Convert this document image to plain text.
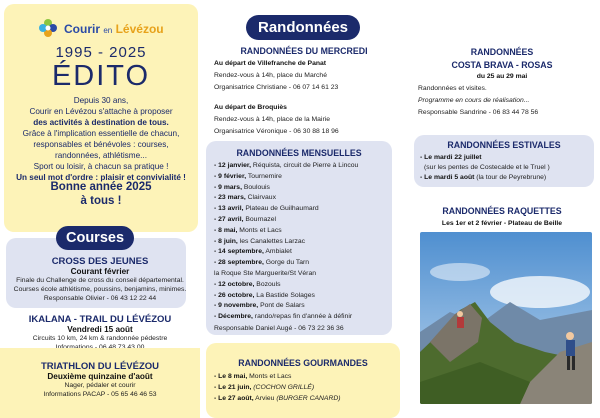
Courir en Lévézou
1995 - 2025
ÉDITO
Depuis 30 ans,
Courir en Lévézou s'attache à proposer
des activités à destination de tous.
Grâce à l'implication essentielle de chacun,
responsables et bénévoles : courses,
randonnées, athlétisme...
Sport ou loisir, à chacun sa pratique !
Un seul mot d'ordre : plaisir et convivialité !
Bonne année 2025
à tous !
Courses
CROSS DES JEUNES
Courant février
Finale du Challenge de cross du conseil départemental.
Courses école athlétisme, poussins, benjamins, minimes.
Responsable Olivier - 06 43 12 22 44
IKALANA - TRAIL DU LÉVÉZOU
Vendredi 15 août
Circuits 10 km, 24 km & randonnée pédestre
TRIATHLON DU LÉVÉZOU
Deuxième quinzaine d'août
Nager, pédaler et courir
Informations PACAP - 05 65 46 46 53
Randonnées
RANDONNÉES DU MERCREDI
Au départ de Villefranche de Panat
Rendez-vous à 14h, place du Marché
Organisatrice Christiane - 06 07 14 61 23
Au départ de Broquiès
Rendez-vous à 14h, place de la Mairie
Organisatrice Véronique - 06 30 88 18 96
RANDONNÉES MENSUELLES
- 12 janvier, Réquista, circuit de Pierre à Lincou
- 9 février, Tournemire
- 9 mars, Boulouis
- 23 mars, Clairvaux
- 13 avril, Plateau de Guilhaumard
- 27 avril, Bournazel
- 8 mai, Monts et Lacs
- 8 juin, les Canalettes Larzac
- 14 septembre, Ambialet
- 28 septembre, Gorge du Tarn
la Roque Ste Marguerite/St Véran
- 12 octobre, Bozouls
- 26 octobre, La Bastide Solages
- 9 novembre, Pont de Salars
- Décembre, rando/repas fin d'année à définir
Responsable Daniel Augé - 06 73 22 36 36
RANDONNÉES GOURMANDES
- Le 8 mai, Monts et Lacs
- Le 21 juin, (COCHON GRILLÉ)
- Le 27 août, Arvieu (BURGER CANARD)
RANDONNÉES
COSTA BRAVA - ROSAS
du 25 au 29 mai
Randonnées et visites.
Programme en cours de réalisation...
Responsable Sandrine - 06 83 44 78 56
RANDONNÉES ESTIVALES
- Le mardi 22 juillet
(sur les pentes de Costecalde et le Truel )
- Le mardi 5 août (la tour de Peyrebrune)
RANDONNÉES RAQUETTES
Les 1er et 2 février - Plateau de Beille
